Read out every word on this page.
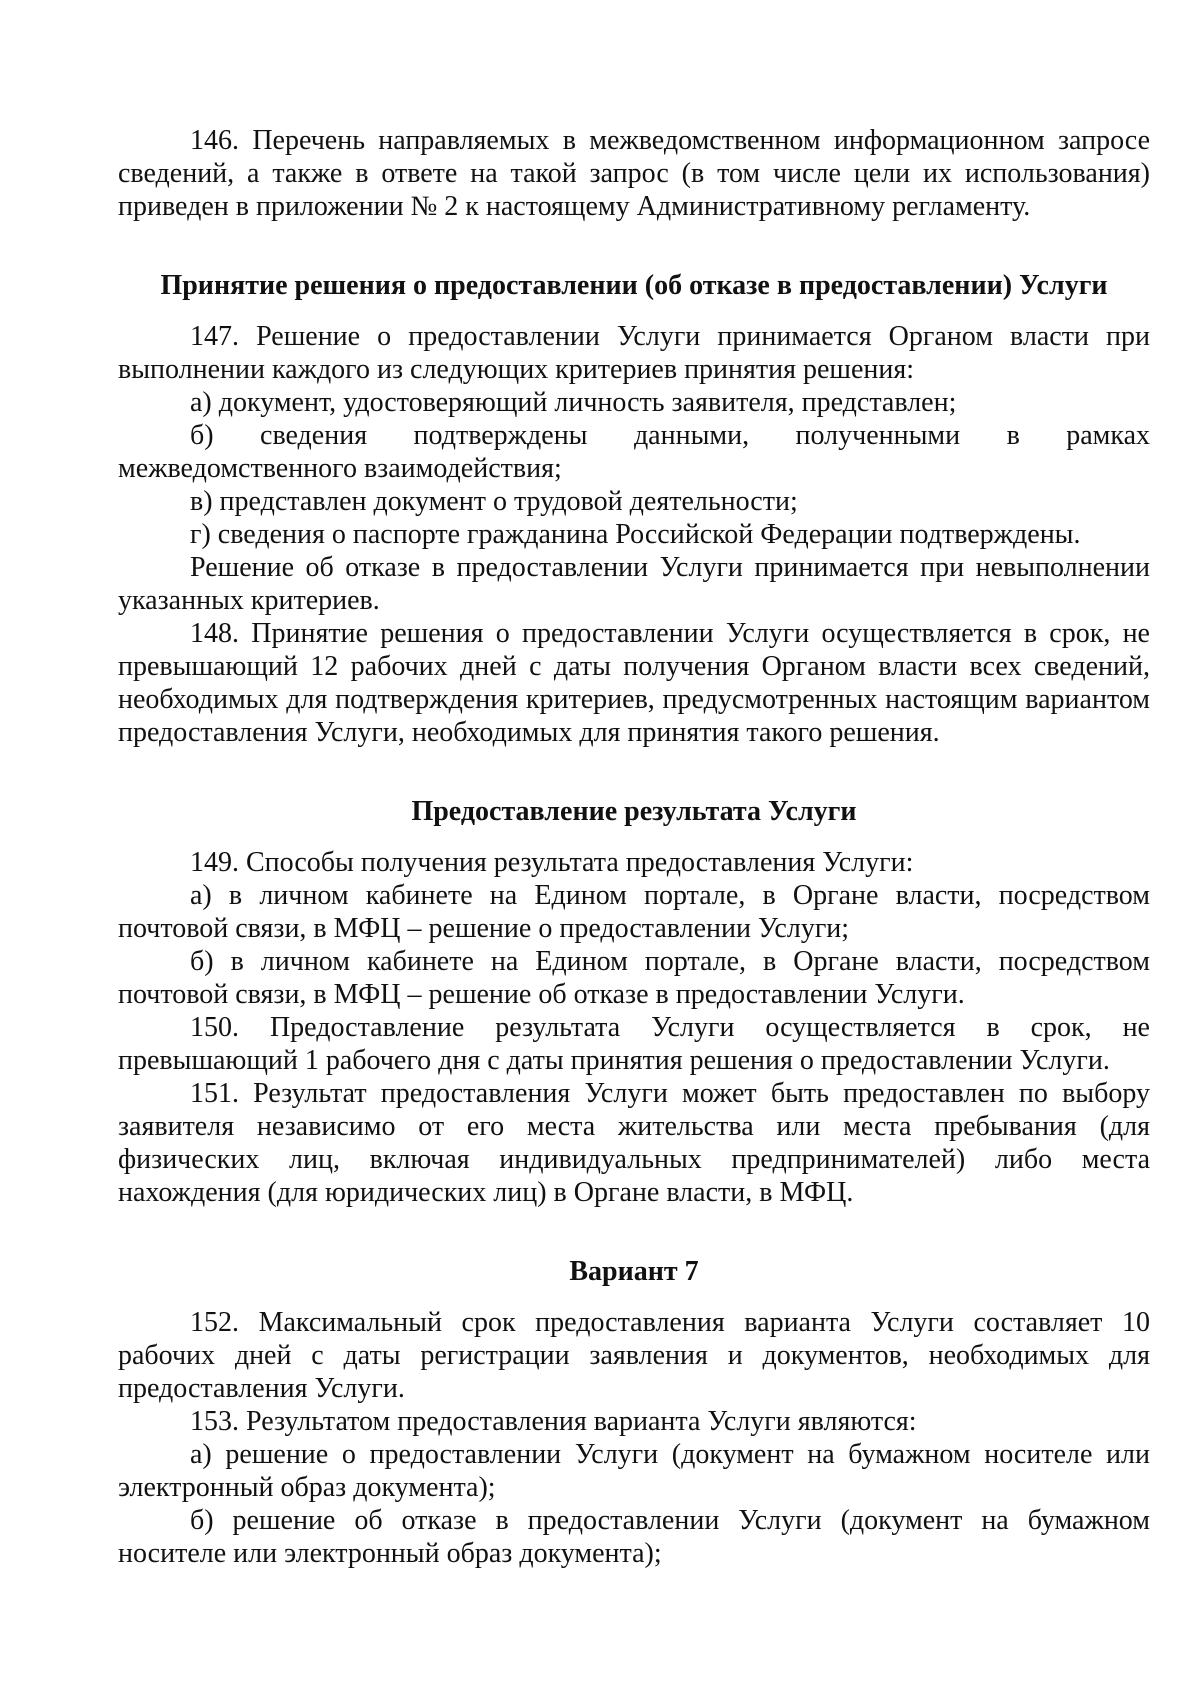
146. Перечень направляемых в межведомственном информационном запросе сведений, а также в ответе на такой запрос (в том числе цели их использования) приведен в приложении № 2 к настоящему Административному регламенту.

Принятие решения о предоставлении (об отказе в предоставлении) Услуги

147. Решение о предоставлении Услуги принимается Органом власти при выполнении каждого из следующих критериев принятия решения:

а) документ, удостоверяющий личность заявителя, представлен;

б) сведения подтверждены данными, полученными в рамках межведомственного взаимодействия;

в) представлен документ о трудовой деятельности;

г) сведения о паспорте гражданина Российской Федерации подтверждены.

Решение об отказе в предоставлении Услуги принимается при невыполнении указанных критериев.

148. Принятие решения о предоставлении Услуги осуществляется в срок, не превышающий 12 рабочих дней с даты получения Органом власти всех сведений, необходимых для подтверждения критериев, предусмотренных настоящим вариантом предоставления Услуги, необходимых для принятия такого решения.

Предоставление результата Услуги

149. Способы получения результата предоставления Услуги:

а) в личном кабинете на Едином портале, в Органе власти, посредством почтовой связи, в МФЦ – решение о предоставлении Услуги;

б) в личном кабинете на Едином портале, в Органе власти, посредством почтовой связи, в МФЦ – решение об отказе в предоставлении Услуги.

150. Предоставление результата Услуги осуществляется в срок, не превышающий 1 рабочего дня с даты принятия решения о предоставлении Услуги.

151. Результат предоставления Услуги может быть предоставлен по выбору заявителя независимо от его места жительства или места пребывания (для физических лиц, включая индивидуальных предпринимателей) либо места нахождения (для юридических лиц) в Органе власти, в МФЦ.

Вариант 7

152. Максимальный срок предоставления варианта Услуги составляет 10 рабочих дней с даты регистрации заявления и документов, необходимых для предоставления Услуги.

153. Результатом предоставления варианта Услуги являются:

а) решение о предоставлении Услуги (документ на бумажном носителе или электронный образ документа);

б) решение об отказе в предоставлении Услуги (документ на бумажном носителе или электронный образ документа);
